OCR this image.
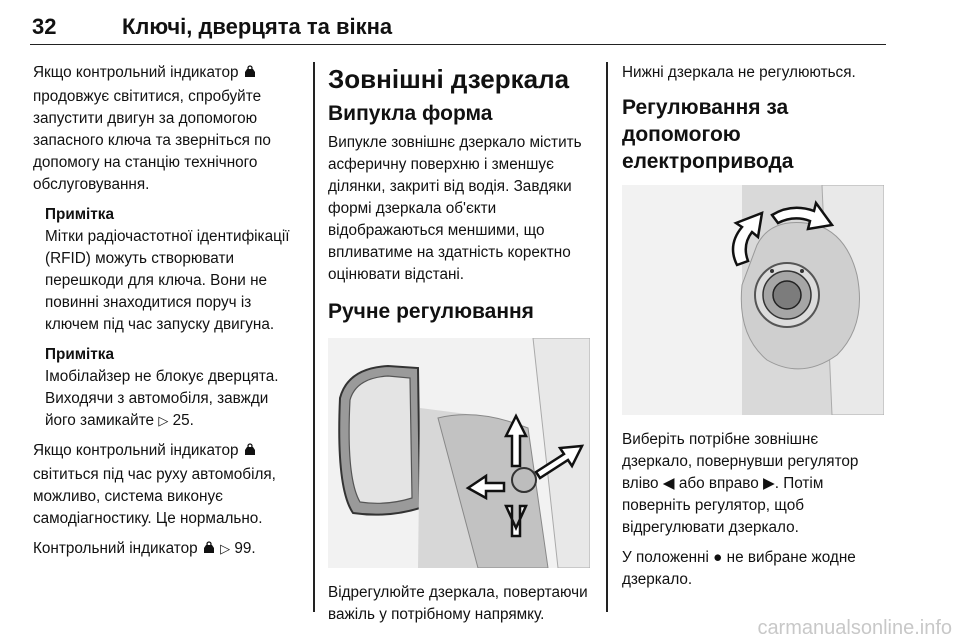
32	Ключі, дверцята та вікна

Якщо контрольний індикатор  продовжує світитися, спробуйте запустити двигун за допомогою запасного ключа та зверніться по допомогу на станцію технічного обслуговування.

Примітка

Мітки радіочастотної ідентифікації (RFID) можуть створювати перешкоди для ключа. Вони не повинні знаходитися поруч із ключем під час запуску двигуна.

Примітка

Імобілайзер не блокує дверцята. Виходячи з автомобіля, завжди його замикайте ▷ 25.

Якщо контрольний індикатор  світиться під час руху автомобіля, можливо, система виконує самодіагностику. Це нормально.

Контрольний індикатор ▷ 99.

Зовнішні дзеркала
Випукла форма

Випукле зовнішнє дзеркало містить асферичну поверхню і зменшує ділянки, закриті від водія. Завдяки формі дзеркала об'єкти відображаються меншими, що впливатиме на здатність коректно оцінювати відстані.

Ручне регулювання

Відрегулюйте дзеркала, повертаючи важіль у потрібному напрямку.

Нижні дзеркала не регулюються.

Регулювання за допомогою електропривода

Виберіть потрібне зовнішнє дзеркало, повернувши регулятор вліво ◀ або вправо ▶. Потім поверніть регулятор, щоб відрегулювати дзеркало.

У положенні ● не вибране жодне дзеркало.

carmanualsonline.info
